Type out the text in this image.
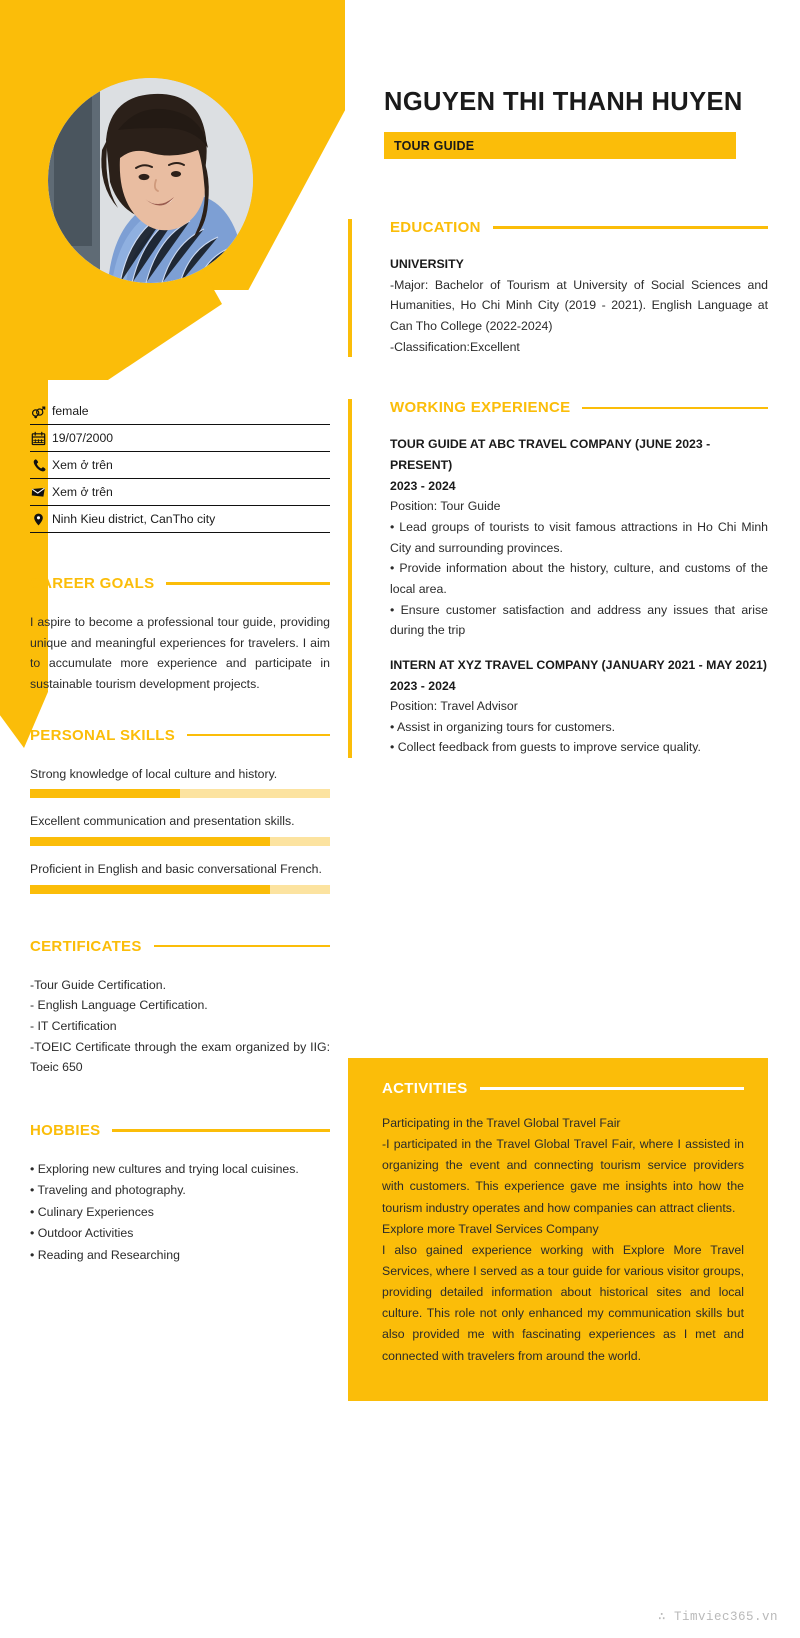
NGUYEN THI THANH HUYEN
TOUR GUIDE
EDUCATION
UNIVERSITY
-Major: Bachelor of Tourism at University of Social Sciences and Humanities, Ho Chi Minh City (2019 - 2021). English Language at Can Tho College (2022-2024)
-Classification:Excellent
WORKING EXPERIENCE
TOUR GUIDE AT ABC TRAVEL COMPANY (JUNE 2023 - PRESENT)
2023 - 2024
Position: Tour Guide
• Lead groups of tourists to visit famous attractions in Ho Chi Minh City and surrounding provinces.
• Provide information about the history, culture, and customs of the local area.
• Ensure customer satisfaction and address any issues that arise during the trip
INTERN AT XYZ TRAVEL COMPANY (JANUARY 2021 - MAY 2021)
2023 - 2024
Position: Travel Advisor
• Assist in organizing tours for customers.
• Collect feedback from guests to improve service quality.
ACTIVITIES
Participating in the Travel Global Travel Fair
-I participated in the Travel Global Travel Fair, where I assisted in organizing the event and connecting tourism service providers with customers. This experience gave me insights into how the tourism industry operates and how companies can attract clients.
Explore more Travel Services Company
I also gained experience working with Explore More Travel Services, where I served as a tour guide for various visitor groups, providing detailed information about historical sites and local culture. This role not only enhanced my communication skills but also provided me with fascinating experiences as I met and connected with travelers from around the world.
female
19/07/2000
Xem ở trên
Xem ở trên
Ninh Kieu district, CanTho city
CAREER GOALS
I aspire to become a professional tour guide, providing unique and meaningful experiences for travelers. I aim to accumulate more experience and participate in sustainable tourism development projects.
PERSONAL SKILLS
Strong knowledge of local culture and history.
Excellent communication and presentation skills.
Proficient in English and basic conversational French.
CERTIFICATES
-Tour Guide Certification.
- English Language Certification.
- IT Certification
-TOEIC Certificate through the exam organized by IIG: Toeic 650
HOBBIES
• Exploring new cultures and trying local cuisines.
• Traveling and photography.
• Culinary Experiences
• Outdoor Activities
• Reading and Researching
∴ Timviec365.vn
